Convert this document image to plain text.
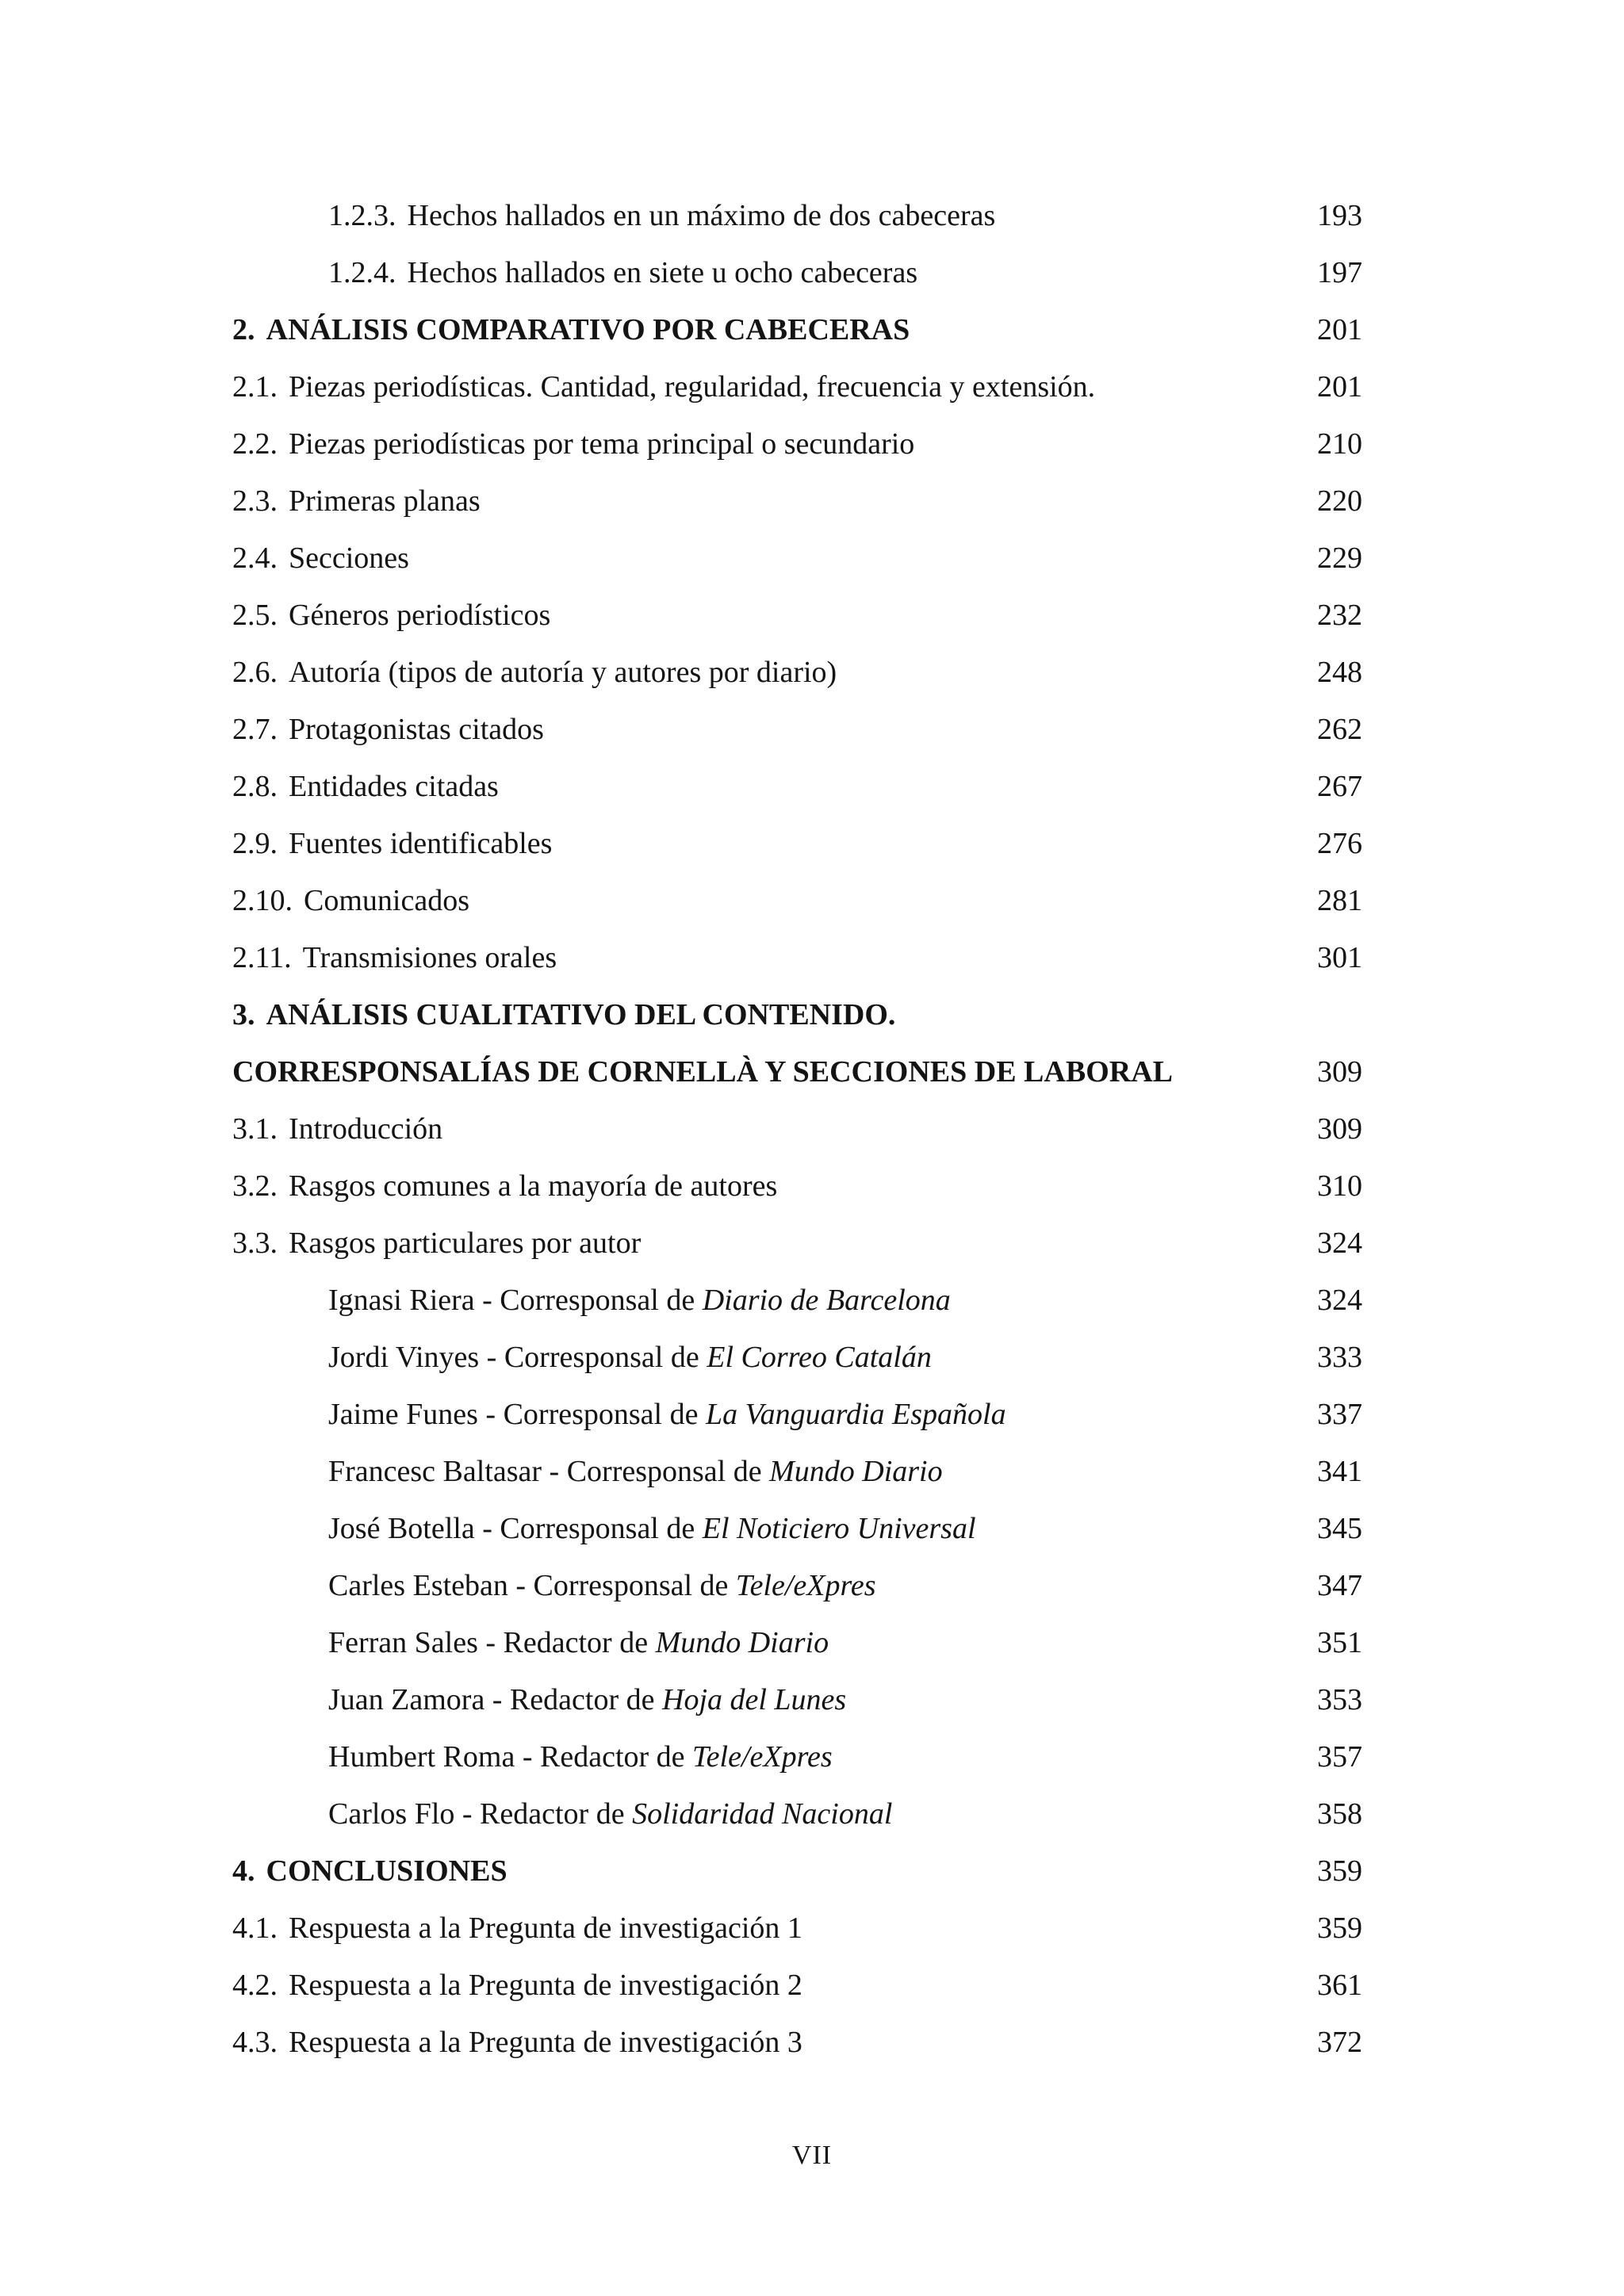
1.2.3. Hechos hallados en un máximo de dos cabeceras	193
1.2.4. Hechos hallados en siete u ocho cabeceras	197
2. ANÁLISIS COMPARATIVO POR CABECERAS	201
2.1. Piezas periodísticas. Cantidad, regularidad, frecuencia y extensión.	201
2.2. Piezas periodísticas por tema principal o secundario	210
2.3. Primeras planas	220
2.4. Secciones	229
2.5. Géneros periodísticos	232
2.6. Autoría (tipos de autoría y autores por diario)	248
2.7. Protagonistas citados	262
2.8. Entidades citadas	267
2.9. Fuentes identificables	276
2.10. Comunicados	281
2.11. Transmisiones orales	301
3. ANÁLISIS CUALITATIVO DEL CONTENIDO.
CORRESPONSALÍAS DE CORNELLÀ Y SECCIONES DE LABORAL	309
3.1. Introducción	309
3.2. Rasgos comunes a la mayoría de autores	310
3.3. Rasgos particulares por autor	324
Ignasi Riera - Corresponsal de Diario de Barcelona	324
Jordi Vinyes - Corresponsal de El Correo Catalán	333
Jaime Funes - Corresponsal de La Vanguardia Española	337
Francesc Baltasar - Corresponsal de Mundo Diario	341
José Botella - Corresponsal de El Noticiero Universal	345
Carles Esteban - Corresponsal de Tele/eXpres	347
Ferran Sales - Redactor de Mundo Diario	351
Juan Zamora - Redactor de Hoja del Lunes	353
Humbert Roma - Redactor de Tele/eXpres	357
Carlos Flo - Redactor de Solidaridad Nacional	358
4. CONCLUSIONES	359
4.1. Respuesta a la Pregunta de investigación 1	359
4.2. Respuesta a la Pregunta de investigación 2	361
4.3. Respuesta a la Pregunta de investigación 3	372
VII
